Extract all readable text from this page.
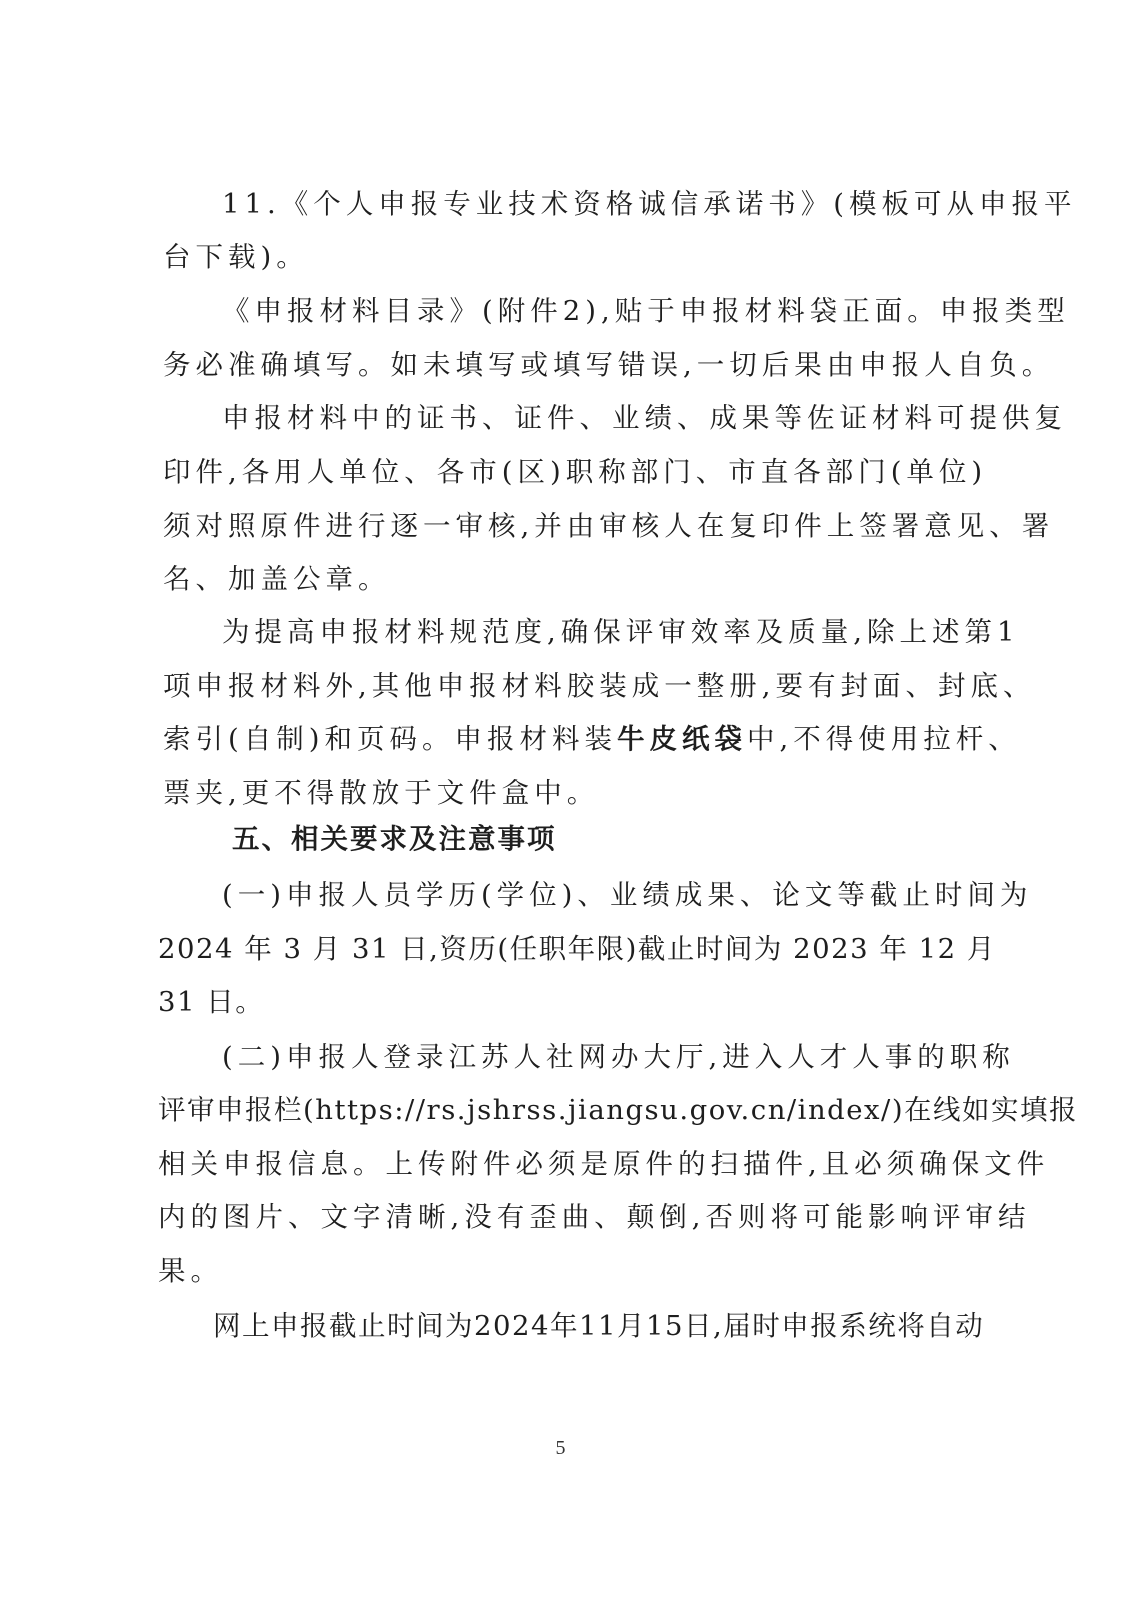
11.《个人申报专业技术资格诚信承诺书》(模板可从申报平
台下载)。
《申报材料目录》(附件2),贴于申报材料袋正面。申报类型
务必准确填写。如未填写或填写错误,一切后果由申报人自负。
申报材料中的证书、证件、业绩、成果等佐证材料可提供复
印件,各用人单位、各市(区)职称部门、市直各部门(单位)
须对照原件进行逐一审核,并由审核人在复印件上签署意见、署
名、加盖公章。
为提高申报材料规范度,确保评审效率及质量,除上述第1
项申报材料外,其他申报材料胶装成一整册,要有封面、封底、
索引(自制)和页码。申报材料装牛皮纸袋中,不得使用拉杆、
票夹,更不得散放于文件盒中。
五、相关要求及注意事项
(一)申报人员学历(学位)、业绩成果、论文等截止时间为
2024 年 3 月 31 日,资历(任职年限)截止时间为 2023 年 12 月
31 日。
(二)申报人登录江苏人社网办大厅,进入人才人事的职称
评审申报栏(https://rs.jshrss.jiangsu.gov.cn/index/)在线如实填报
相关申报信息。上传附件必须是原件的扫描件,且必须确保文件
内的图片、文字清晰,没有歪曲、颠倒,否则将可能影响评审结
果。
网上申报截止时间为2024年11月15日,届时申报系统将自动
5
